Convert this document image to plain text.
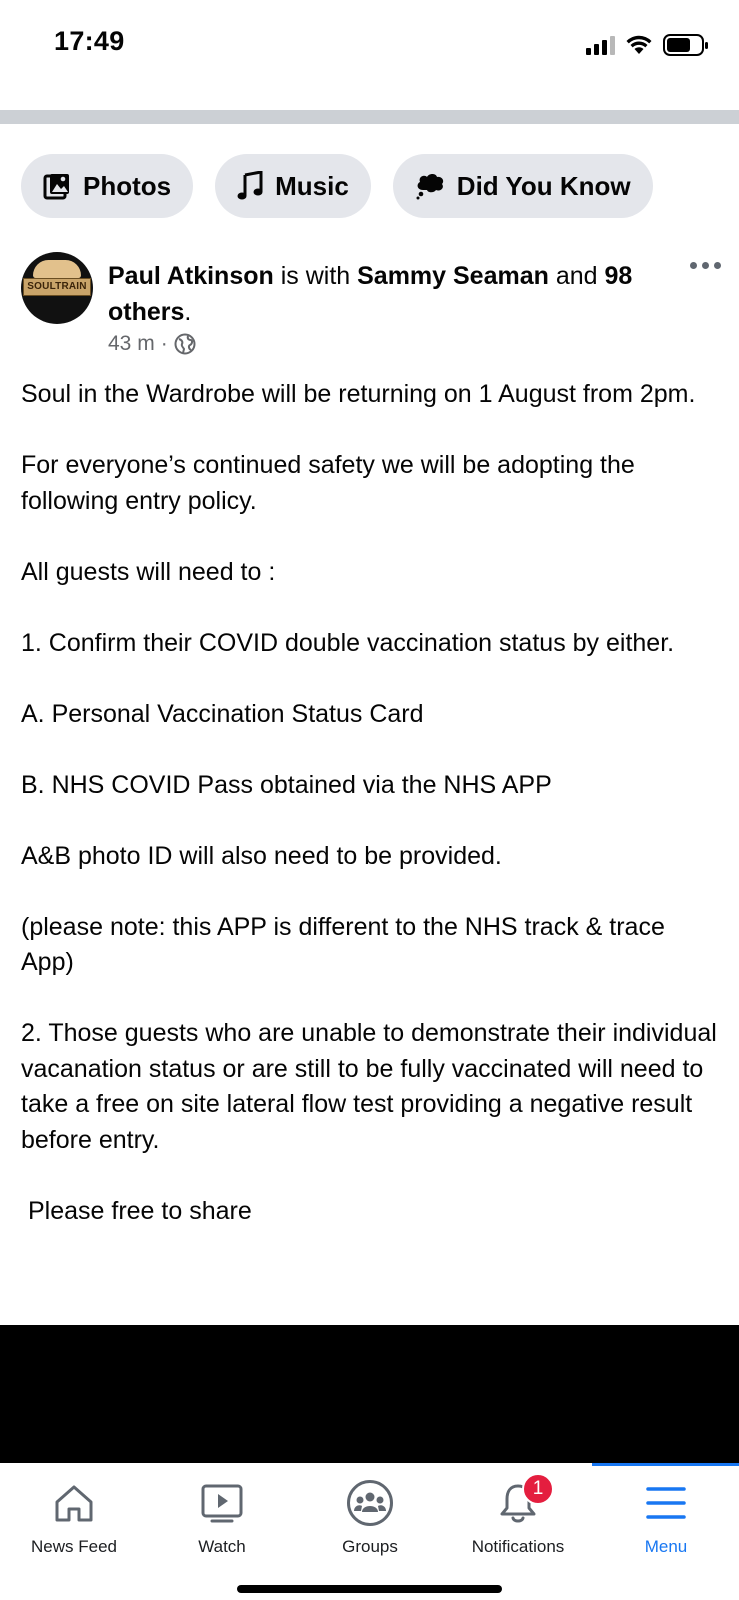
17:49
Photos	Music	Did You Know
SOULTRAIN Paul Atkinson is with Sammy Seaman and 98 others.
43 m ·

Soul in the Wardrobe will be returning on 1 August from 2pm.

For everyone’s continued safety we will be adopting the following entry policy.

All guests will need to :

1. Confirm their COVID double vaccination status by either.

A. Personal Vaccination Status Card

B. NHS COVID Pass obtained via the NHS APP

A&B photo ID will also need to be provided.

(please note: this APP is different to the NHS track & trace App)

2. Those guests who are unable to demonstrate their individual vacanation status or are still to be fully vaccinated will need to take a free on site lateral flow test providing a negative result before entry.

Please free to share

News Feed	Watch	Groups
1
Notifications	Menu
